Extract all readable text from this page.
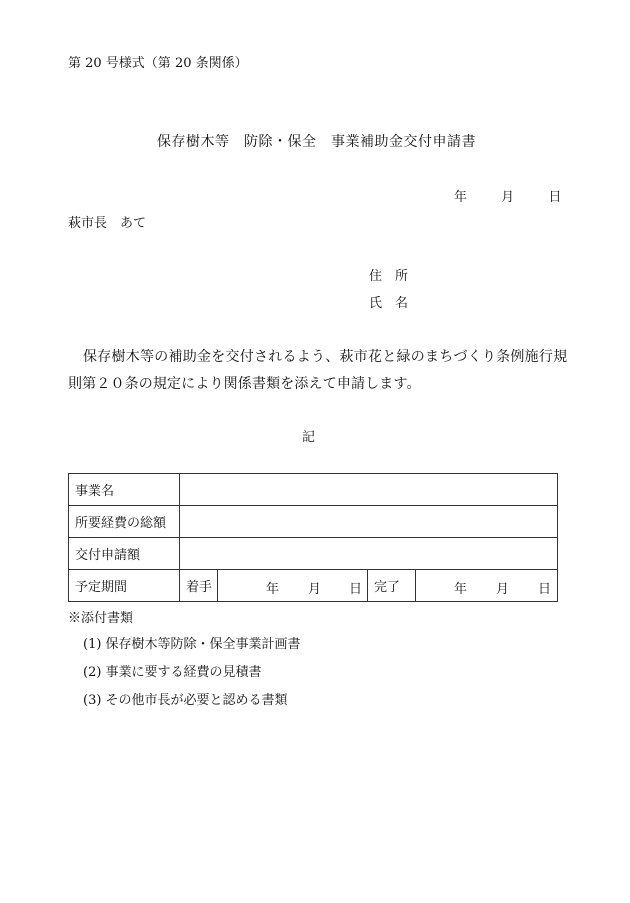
第 20 号様式（第 20 条関係）
保存樹木等　防除・保全　事業補助金交付申請書
年	月	日
萩市長　あて
住　所
氏　名
保存樹木等の補助金を交付されるよう、萩市花と緑のまちづくり条例施行規
則第２０条の規定により関係書類を添えて申請します。
記
事業名				
所要経費の総額				
交付申請額				
予定期間	着手	年 月 日	完了	年 月 日
※添付書類
(1) 保存樹木等防除・保全事業計画書
(2) 事業に要する経費の見積書
(3) その他市長が必要と認める書類
